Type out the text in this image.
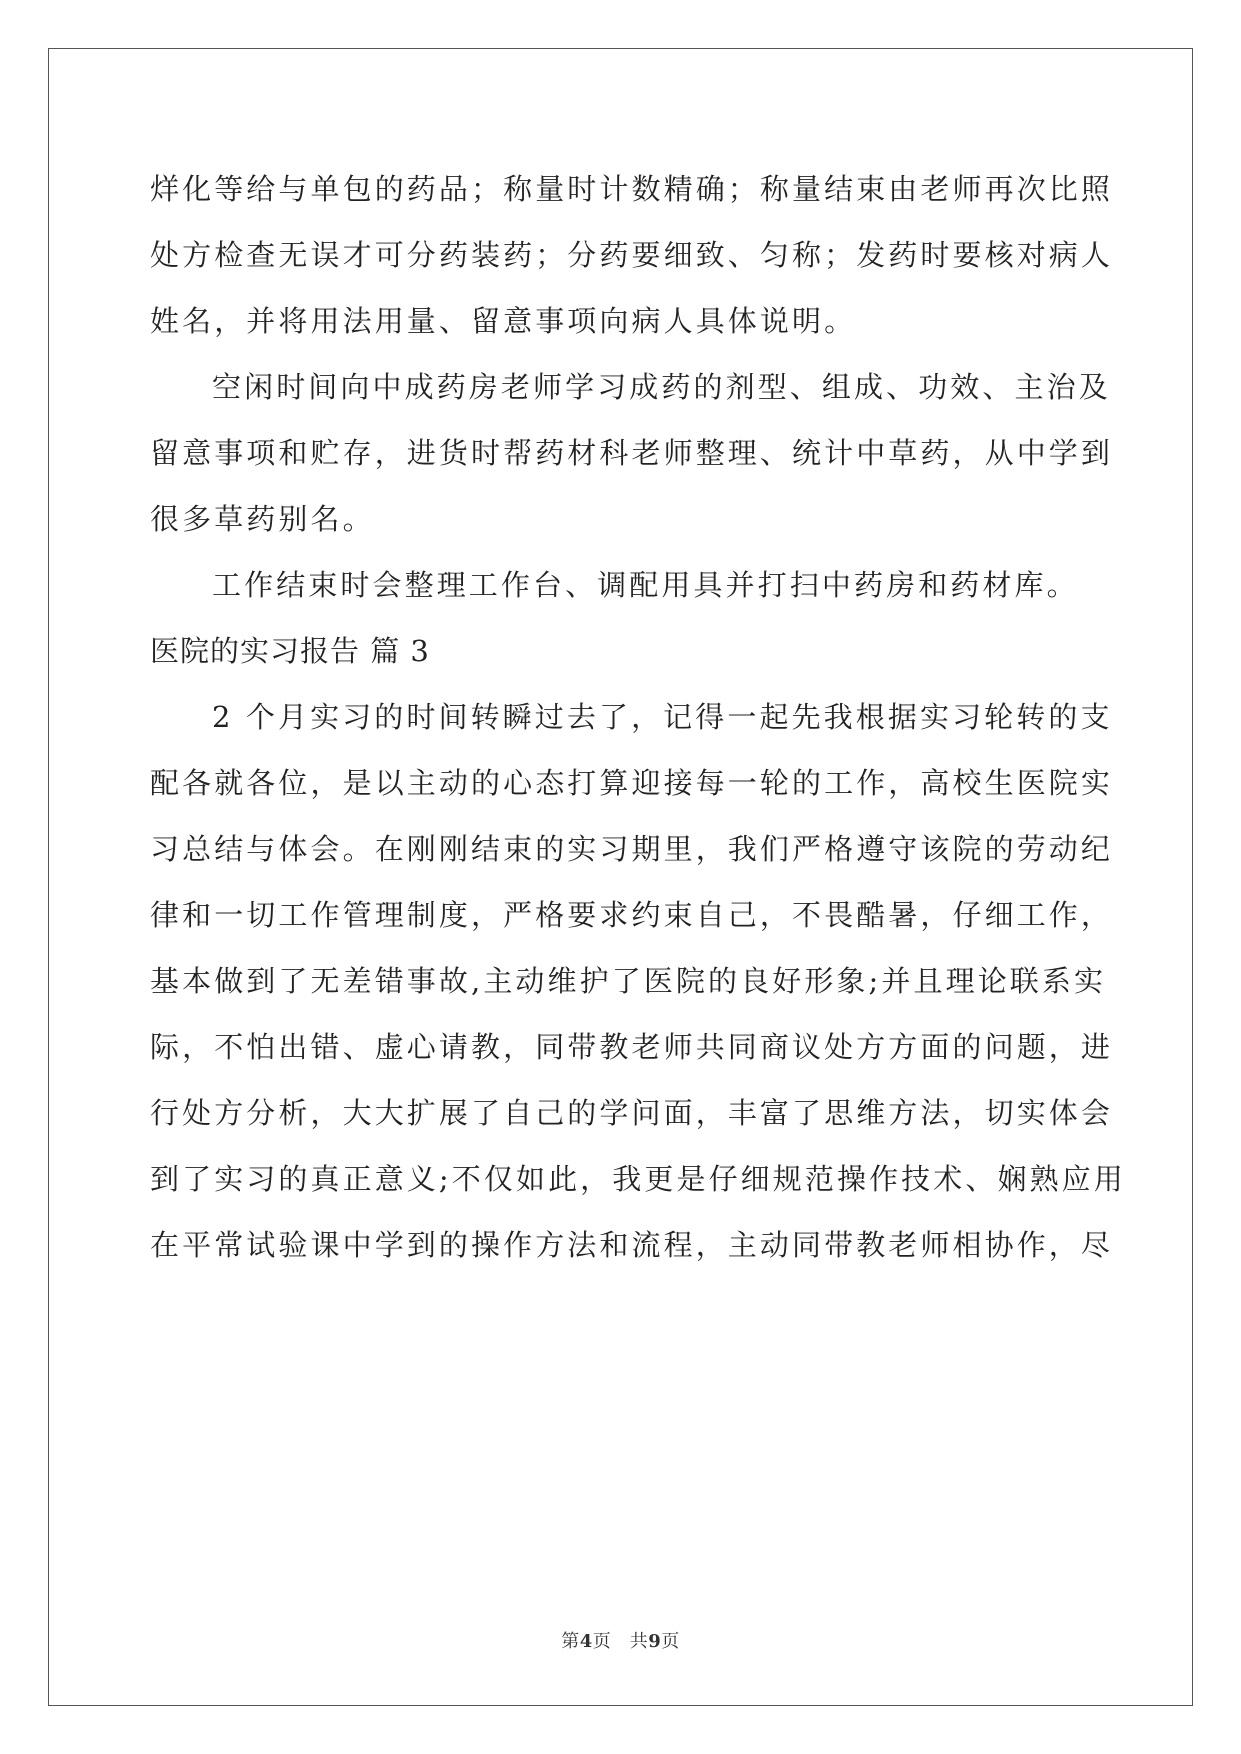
烊化等给与单包的药品；称量时计数精确；称量结束由老师再次比照
处方检查无误才可分药装药；分药要细致、匀称；发药时要核对病人
姓名，并将用法用量、留意事项向病人具体说明。
空闲时间向中成药房老师学习成药的剂型、组成、功效、主治及
留意事项和贮存，进货时帮药材科老师整理、统计中草药，从中学到
很多草药别名。
工作结束时会整理工作台、调配用具并打扫中药房和药材库。
医院的实习报告 篇 3
2 个月实习的时间转瞬过去了，记得一起先我根据实习轮转的支
配各就各位，是以主动的心态打算迎接每一轮的工作，高校生医院实
习总结与体会。在刚刚结束的实习期里，我们严格遵守该院的劳动纪
律和一切工作管理制度，严格要求约束自己，不畏酷暑，仔细工作，
基本做到了无差错事故,主动维护了医院的良好形象;并且理论联系实
际，不怕出错、虚心请教，同带教老师共同商议处方方面的问题，进
行处方分析，大大扩展了自己的学问面，丰富了思维方法，切实体会
到了实习的真正意义;不仅如此，我更是仔细规范操作技术、娴熟应用
在平常试验课中学到的操作方法和流程，主动同带教老师相协作，尽
第4页　共9页
